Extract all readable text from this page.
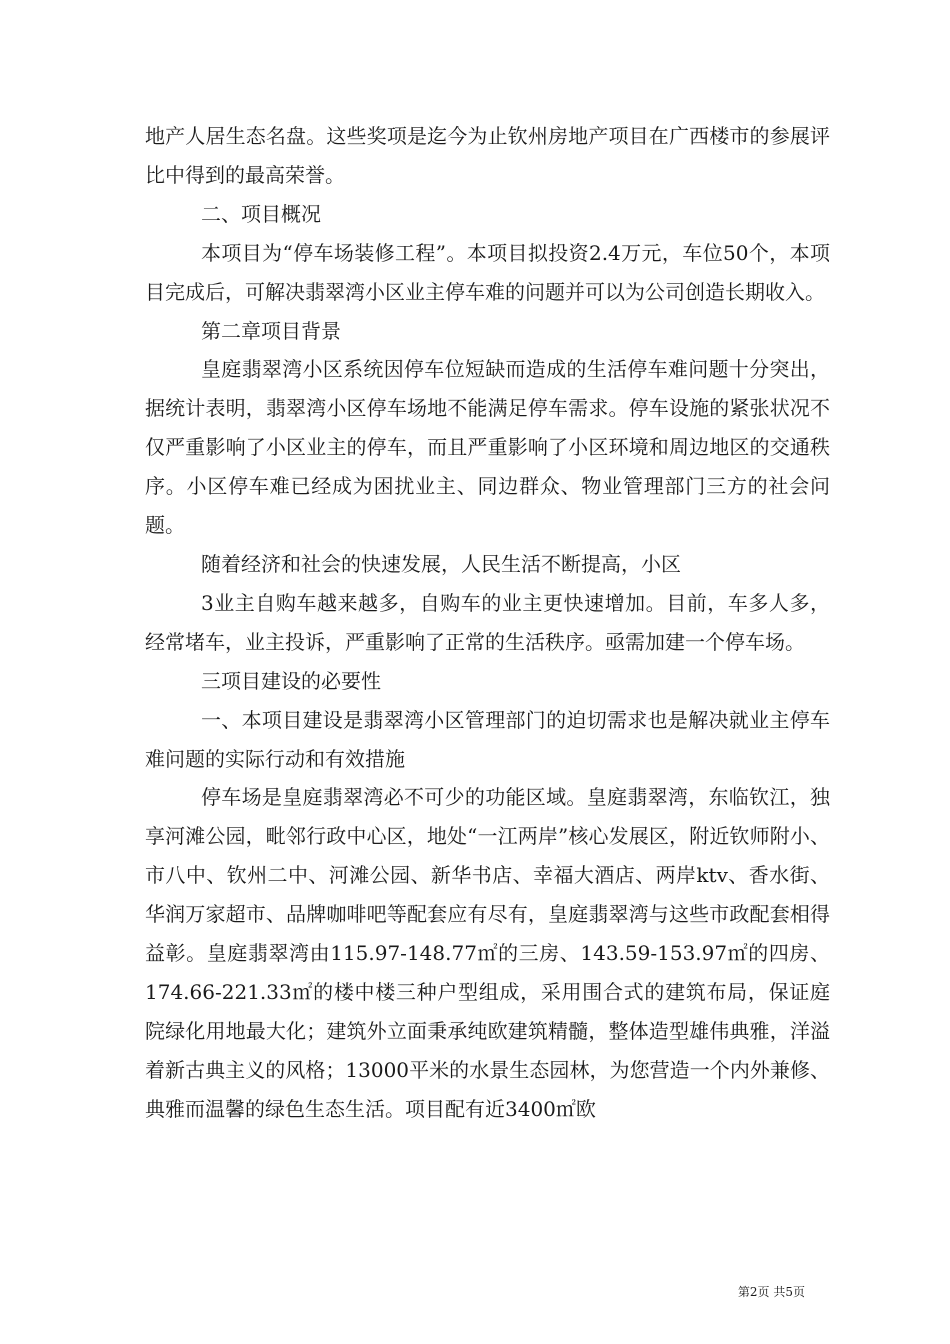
地产人居生态名盘。这些奖项是迄今为止钦州房地产项目在广西楼市的参展评比中得到的最高荣誉。

二、项目概况

本项目为“停车场装修工程”。本项目拟投资2.4万元，车位50个，本项目完成后，可解决翡翠湾小区业主停车难的问题并可以为公司创造长期收入。

第二章项目背景

皇庭翡翠湾小区系统因停车位短缺而造成的生活停车难问题十分突出，据统计表明，翡翠湾小区停车场地不能满足停车需求。停车设施的紧张状况不仅严重影响了小区业主的停车，而且严重影响了小区环境和周边地区的交通秩序。小区停车难已经成为困扰业主、同边群众、物业管理部门三方的社会问题。

随着经济和社会的快速发展，人民生活不断提高，小区

3业主自购车越来越多，自购车的业主更快速增加。目前，车多人多，经常堵车，业主投诉，严重影响了正常的生活秩序。亟需加建一个停车场。

三项目建设的必要性

一、本项目建设是翡翠湾小区管理部门的迫切需求也是解决就业主停车难问题的实际行动和有效措施

停车场是皇庭翡翠湾必不可少的功能区域。皇庭翡翠湾，东临钦江，独享河滩公园，毗邻行政中心区，地处“一江两岸”核心发展区，附近钦师附小、市八中、钦州二中、河滩公园、新华书店、幸福大酒店、两岸ktv、香水街、华润万家超市、品牌咖啡吧等配套应有尽有，皇庭翡翠湾与这些市政配套相得益彰。皇庭翡翠湾由115.97-148.77㎡的三房、143.59-153.97㎡的四房、174.66-221.33㎡的楼中楼三种户型组成，采用围合式的建筑布局，保证庭院绿化用地最大化；建筑外立面秉承纯欧建筑精髓，整体造型雄伟典雅，洋溢着新古典主义的风格；13000平米的水景生态园林，为您营造一个内外兼修、典雅而温馨的绿色生态生活。项目配有近3400㎡欧

第2页 共5页
